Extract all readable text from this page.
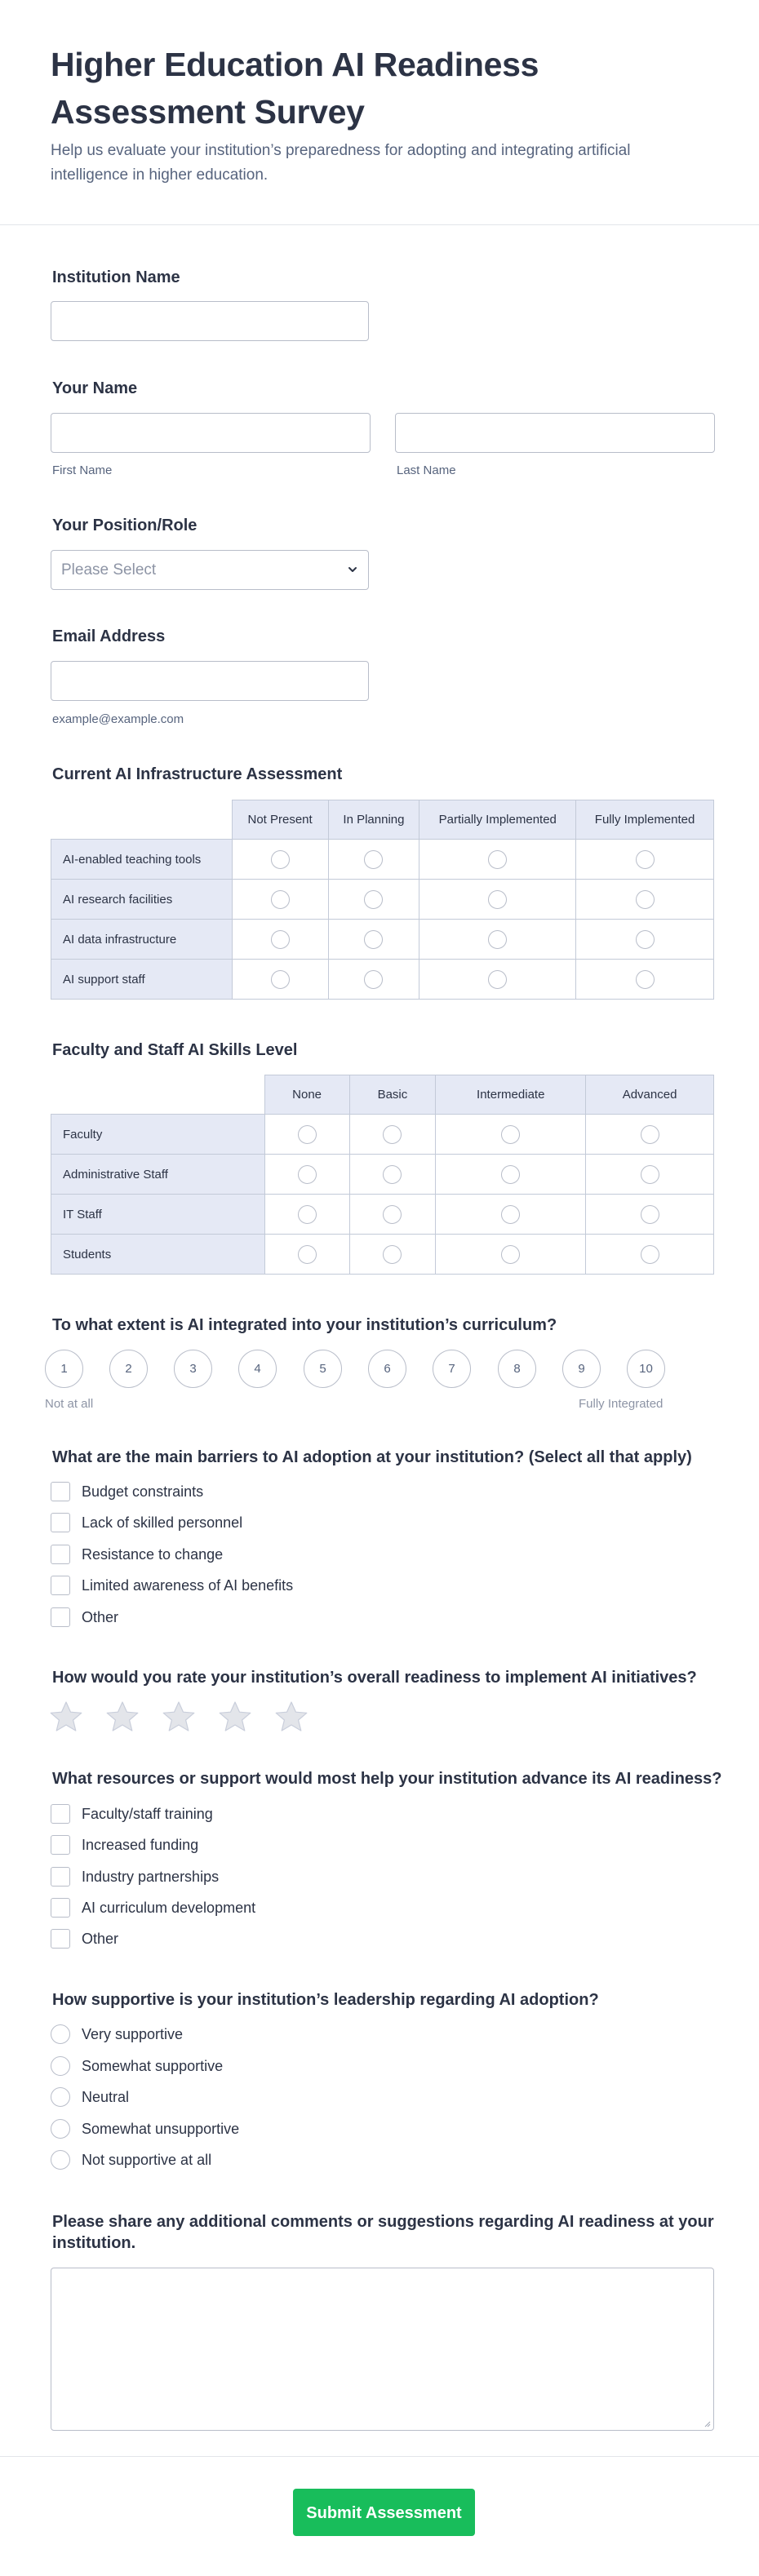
Higher Education AI Readiness
Assessment Survey
Help us evaluate your institution’s preparedness for adopting and integrating artificial intelligence in higher education.
Institution Name
Your Name
First Name	Last Name
Your Position/Role
Please Select
Email Address
example@example.com
Current AI Infrastructure Assessment
	Not Present	In Planning	Partially Implemented	Fully Implemented
AI-enabled teaching tools				
AI research facilities				
AI data infrastructure				
AI support staff				
Faculty and Staff AI Skills Level
	None	Basic	Intermediate	Advanced
Faculty				
Administrative Staff				
IT Staff				
Students				
To what extent is AI integrated into your institution’s curriculum?
1	2	3	4	5	6	7	8	9	10
Not at all	Fully Integrated
What are the main barriers to AI adoption at your institution? (Select all that apply)
Budget constraints
Lack of skilled personnel
Resistance to change
Limited awareness of AI benefits
Other
How would you rate your institution’s overall readiness to implement AI initiatives?
What resources or support would most help your institution advance its AI readiness?
Faculty/staff training
Increased funding
Industry partnerships
AI curriculum development
Other
How supportive is your institution’s leadership regarding AI adoption?
Very supportive
Somewhat supportive
Neutral
Somewhat unsupportive
Not supportive at all
Please share any additional comments or suggestions regarding AI readiness at your
institution.
Submit Assessment
